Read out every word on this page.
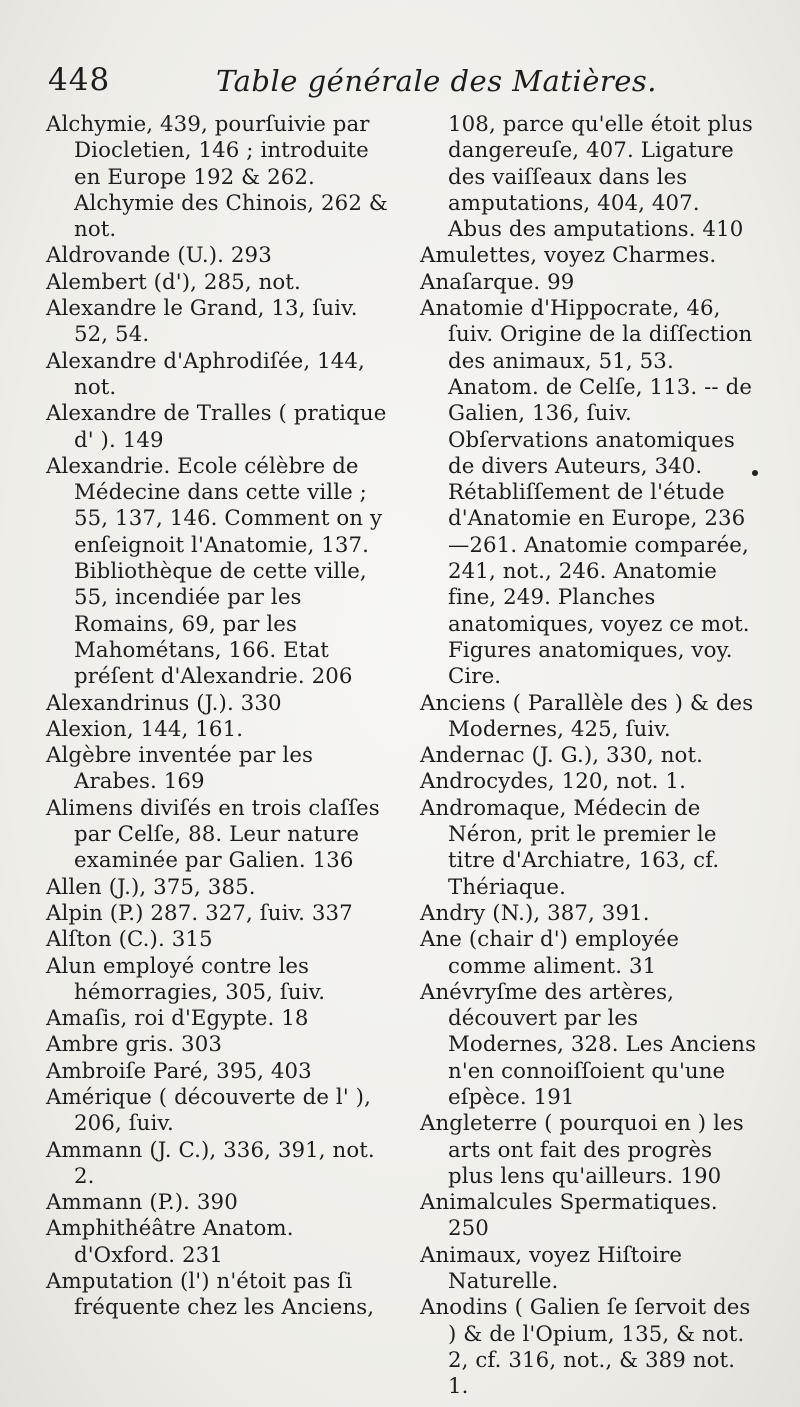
448	Table générale des Matières.
Alchymie, 439, pourſuivie par Diocletien, 146 ; introduite en Europe 192 & 262. Alchymie des Chinois, 262 & not.
Aldrovande (U.). 293
Alembert (d'), 285, not.
Alexandre le Grand, 13, ſuiv. 52, 54.
Alexandre d'Aphrodiſée, 144, not.
Alexandre de Tralles ( pratique d' ). 149
Alexandrie. Ecole célèbre de Médecine dans cette ville ; 55, 137, 146. Comment on y enſeignoit l'Anatomie, 137. Bibliothèque de cette ville, 55, incendiée par les Romains, 69, par les Mahométans, 166. Etat préſent d'Alexandrie. 206
Alexandrinus (J.). 330
Alexion, 144, 161.
Algèbre inventée par les Arabes. 169
Alimens diviſés en trois claſſes par Celſe, 88. Leur nature examinée par Galien. 136
Allen (J.), 375, 385.
Alpin (P.) 287. 327, ſuiv. 337
Alſton (C.). 315
Alun employé contre les hémorragies, 305, ſuiv.
Amaſis, roi d'Egypte. 18
Ambre gris. 303
Ambroiſe Paré, 395, 403
Amérique ( découverte de l' ), 206, ſuiv.
Ammann (J. C.), 336, 391, not. 2.
Ammann (P.). 390
Amphithéâtre Anatom. d'Oxford. 231
Amputation (l') n'étoit pas ſi fréquente chez les Anciens,
108, parce qu'elle étoit plus dangereuſe, 407. Ligature des vaiſſeaux dans les amputations, 404, 407. Abus des amputations. 410
Amulettes, voyez Charmes.
Anaſarque. 99
Anatomie d'Hippocrate, 46, ſuiv. Origine de la diſſection des animaux, 51, 53. Anatom. de Celſe, 113. -- de Galien, 136, ſuiv. Obſervations anatomiques de divers Auteurs, 340. Rétabliſſement de l'étude d'Anatomie en Europe, 236—261. Anatomie comparée, 241, not., 246. Anatomie fine, 249. Planches anatomiques, voyez ce mot. Figures anatomiques, voy. Cire.
Anciens ( Parallèle des ) & des Modernes, 425, ſuiv.
Andernac (J. G.), 330, not.
Androcydes, 120, not. 1.
Andromaque, Médecin de Néron, prit le premier le titre d'Archiatre, 163, cf. Thériaque.
Andry (N.), 387, 391.
Ane (chair d') employée comme aliment. 31
Anévryſme des artères, découvert par les Modernes, 328. Les Anciens n'en connoiſſoient qu'une eſpèce. 191
Angleterre ( pourquoi en ) les arts ont fait des progrès plus lens qu'ailleurs. 190
Animalcules Spermatiques. 250
Animaux, voyez Hiſtoire Naturelle.
Anodins ( Galien ſe ſervoit des ) & de l'Opium, 135, & not. 2, cf. 316, not., & 389 not. 1.
